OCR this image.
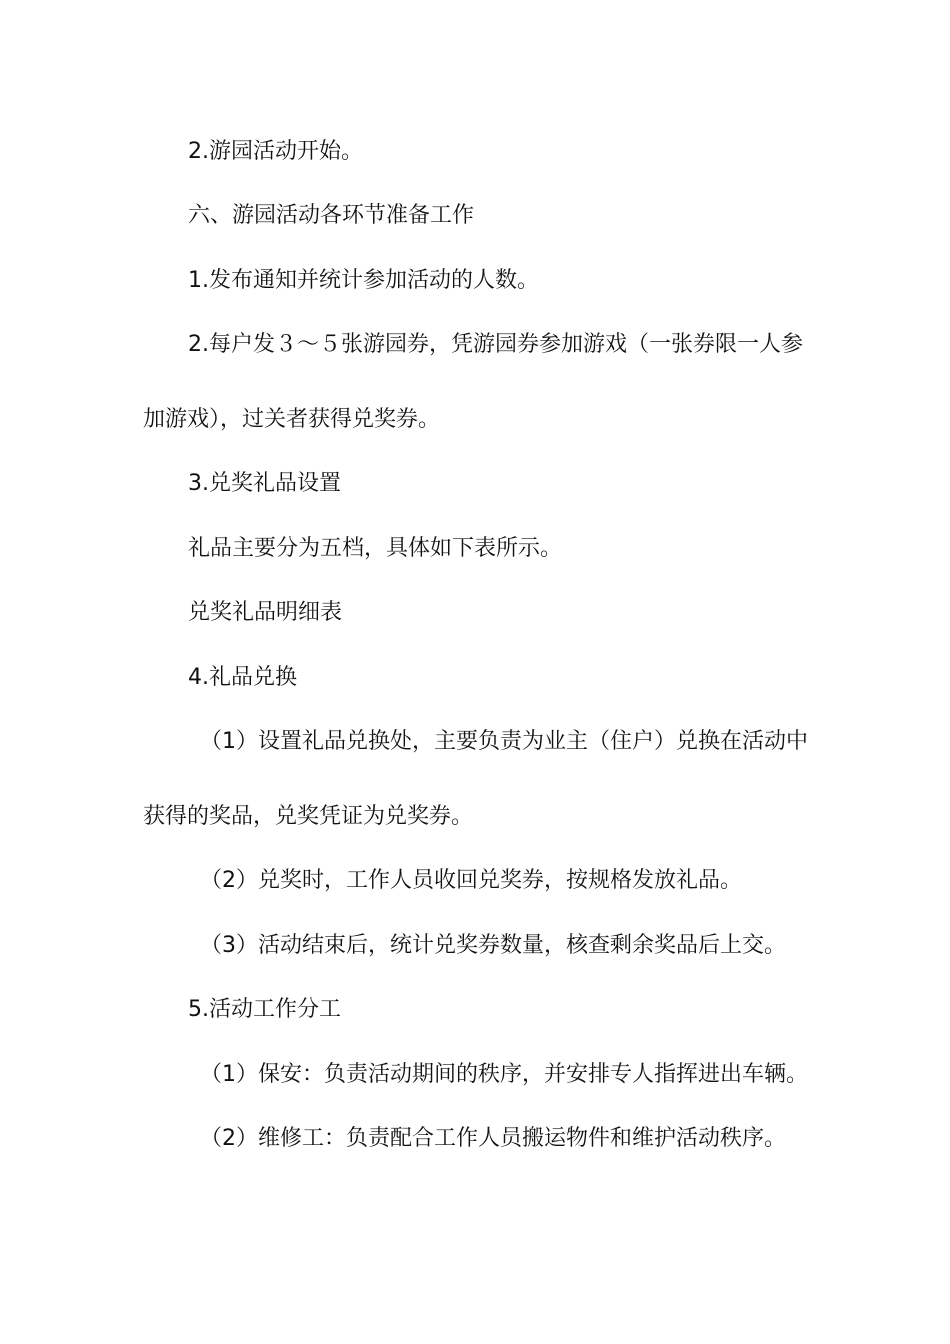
2.游园活动开始。
六、游园活动各环节准备工作
1.发布通知并统计参加活动的人数。
2.每户发３～５张游园券，凭游园券参加游戏（一张券限一人参
加游戏），过关者获得兑奖券。
3.兑奖礼品设置
礼品主要分为五档，具体如下表所示。
兑奖礼品明细表
4.礼品兑换
（1）设置礼品兑换处，主要负责为业主（住户）兑换在活动中
获得的奖品，兑奖凭证为兑奖券。
（2）兑奖时，工作人员收回兑奖券，按规格发放礼品。
（3）活动结束后，统计兑奖券数量，核查剩余奖品后上交。
5.活动工作分工
（1）保安：负责活动期间的秩序，并安排专人指挥进出车辆。
（2）维修工：负责配合工作人员搬运物件和维护活动秩序。
